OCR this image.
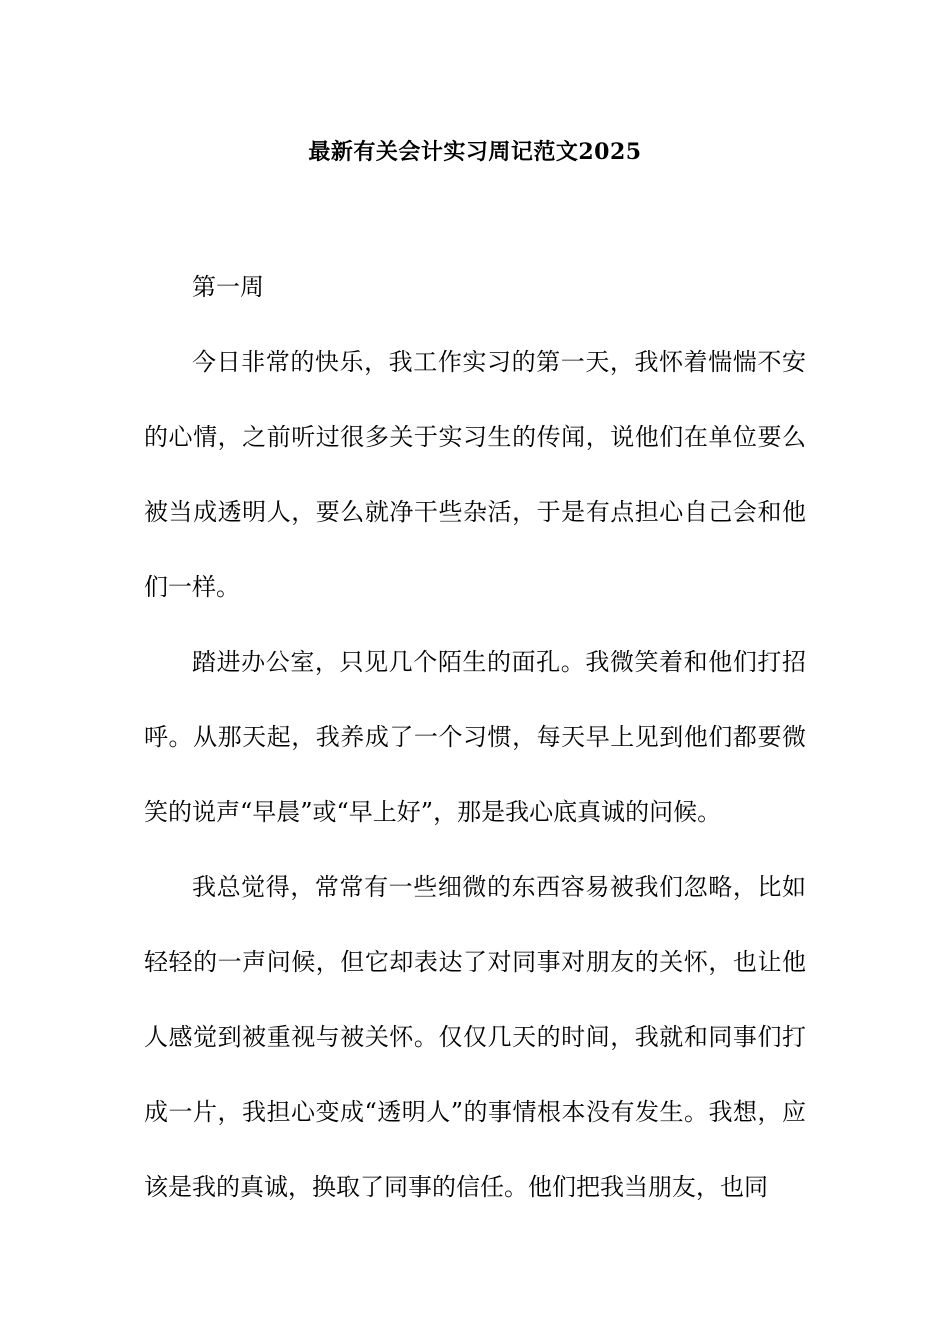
最新有关会计实习周记范文2025

第一周

今日非常的快乐，我工作实习的第一天，我怀着惴惴不安的心情，之前听过很多关于实习生的传闻，说他们在单位要么被当成透明人，要么就净干些杂活，于是有点担心自己会和他们一样。

踏进办公室，只见几个陌生的面孔。我微笑着和他们打招呼。从那天起，我养成了一个习惯，每天早上见到他们都要微笑的说声“早晨”或“早上好”，那是我心底真诚的问候。

我总觉得，常常有一些细微的东西容易被我们忽略，比如轻轻的一声问候，但它却表达了对同事对朋友的关怀，也让他人感觉到被重视与被关怀。仅仅几天的时间，我就和同事们打成一片，我担心变成“透明人”的事情根本没有发生。我想，应该是我的真诚，换取了同事的信任。他们把我当朋友，也同
